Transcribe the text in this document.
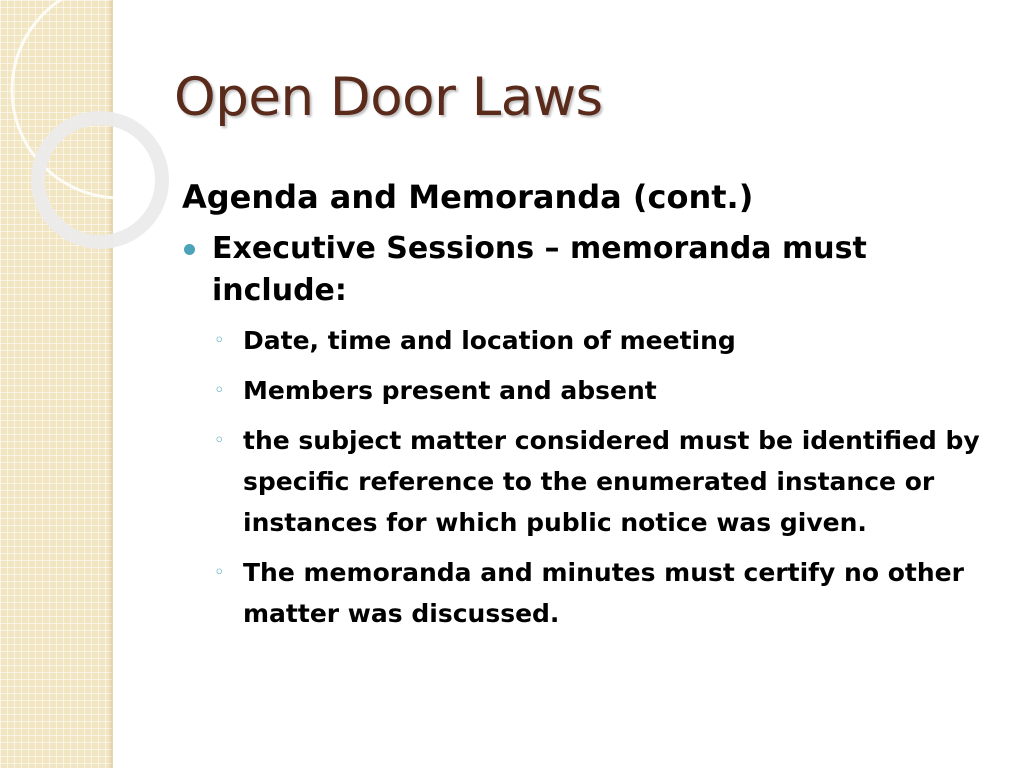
Open Door Laws
Agenda and Memoranda (cont.)
Executive Sessions – memoranda must include:
◦ Date, time and location of meeting
◦ Members present and absent
◦ the subject matter considered must be identified by specific reference to the enumerated instance or instances for which public notice was given.
◦ The memoranda and minutes must certify no other matter was discussed.
